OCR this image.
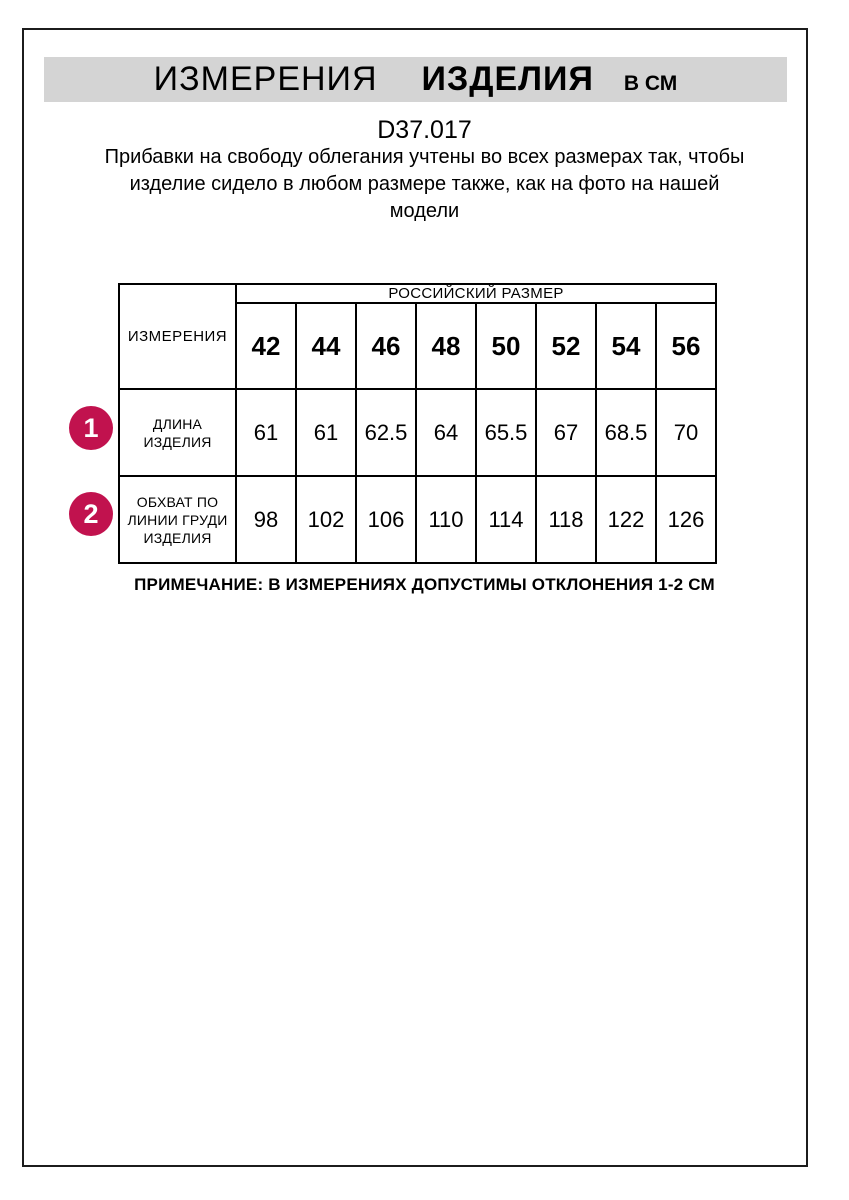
ИЗМЕРЕНИЯ ИЗДЕЛИЯ В СМ
D37.017
Прибавки на свободу облегания учтены во всех размерах так, чтобы
изделие сидело в любом размере также, как на фото на нашей
модели
ИЗМЕРЕНИЯ	РОССИЙСКИЙ РАЗМЕР							
	42	44	46	48	50	52	54	56
ДЛИНА ИЗДЕЛИЯ	61	61	62.5	64	65.5	67	68.5	70
ОБХВАТ ПО ЛИНИИ ГРУДИ ИЗДЕЛИЯ	98	102	106	110	114	118	122	126
1
2
ПРИМЕЧАНИЕ: В ИЗМЕРЕНИЯХ ДОПУСТИМЫ ОТКЛОНЕНИЯ 1-2 СМ
